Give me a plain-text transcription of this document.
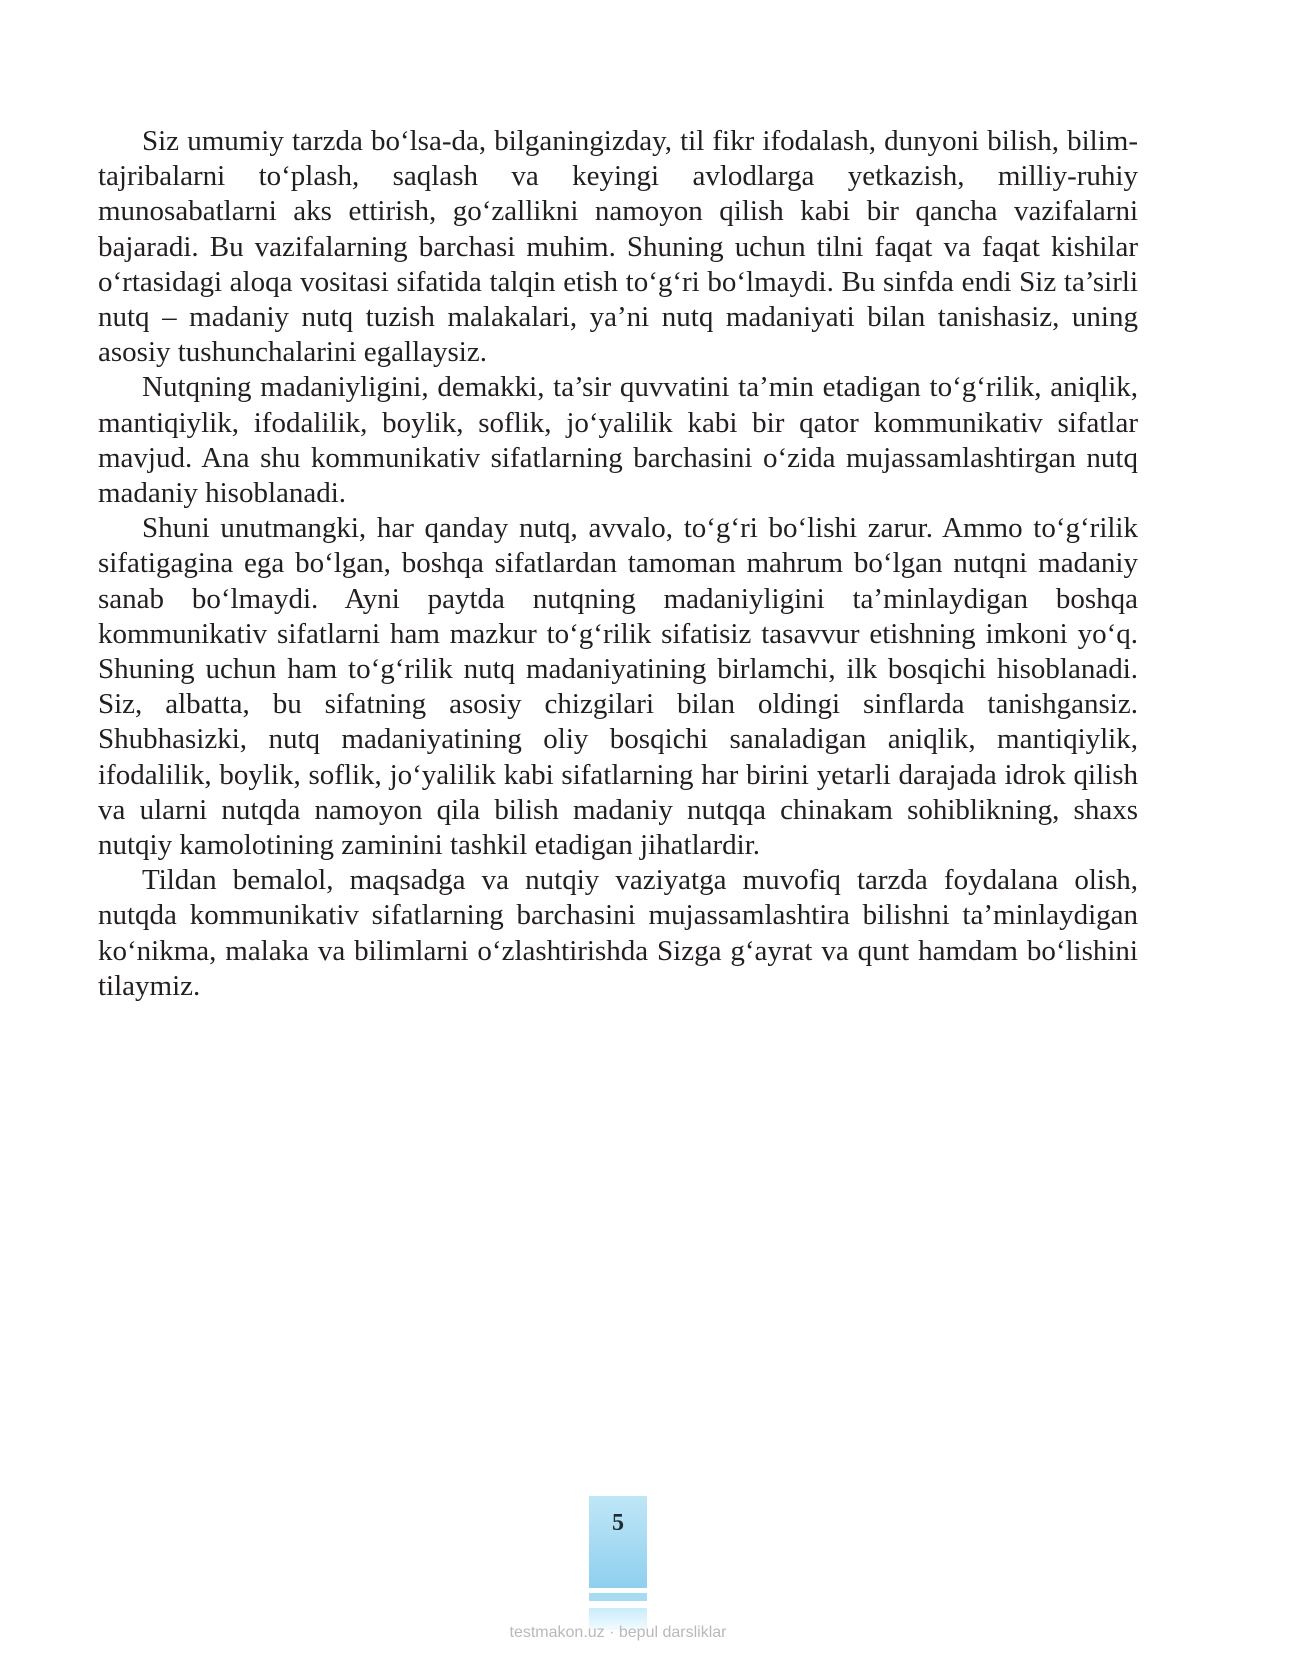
Siz umumiy tarzda bo‘lsa-da, bilganingizday, til fikr ifodalash, dunyoni bilish, bilim-tajribalarni to‘plash, saqlash va keyingi avlodlarga yetkazish, milliy-ruhiy munosabatlarni aks ettirish, go‘zallikni namoyon qilish kabi bir qancha vazifalarni bajaradi. Bu vazifalarning barchasi muhim. Shuning uchun tilni faqat va faqat kishilar o‘rtasidagi aloqa vositasi sifatida talqin etish to‘g‘ri bo‘lmaydi. Bu sinfda endi Siz ta’sirli nutq – madaniy nutq tuzish malakalari, ya’ni nutq madaniyati bilan tanishasiz, uning asosiy tushunchalarini egallaysiz.

Nutqning madaniyligini, demakki, ta’sir quvvatini ta’min etadigan to‘g‘rilik, aniqlik, mantiqiylik, ifodalilik, boylik, soflik, jo‘yalilik kabi bir qator kommunikativ sifatlar mavjud. Ana shu kommunikativ sifatlarning barchasini o‘zida mujassamlashtirgan nutq madaniy hisoblanadi.

Shuni unutmangki, har qanday nutq, avvalo, to‘g‘ri bo‘lishi zarur. Ammo to‘g‘rilik sifatigagina ega bo‘lgan, boshqa sifatlardan tamoman mahrum bo‘lgan nutqni madaniy sanab bo‘lmaydi. Ayni paytda nutqning madaniyligini ta’minlaydigan boshqa kommunikativ sifatlarni ham mazkur to‘g‘rilik sifatisiz tasavvur etishning imkoni yo‘q. Shuning uchun ham to‘g‘rilik nutq madaniyatining birlamchi, ilk bosqichi hisoblanadi. Siz, albatta, bu sifatning asosiy chizgilari bilan oldingi sinflarda tanishgansiz. Shubhasizki, nutq madaniyatining oliy bosqichi sanaladigan aniqlik, mantiqiylik, ifodalilik, boylik, soflik, jo‘yalilik kabi sifatlarning har birini yetarli darajada idrok qilish va ularni nutqda namoyon qila bilish madaniy nutqqa chinakam sohiblikning, shaxs nutqiy kamolotining zaminini tashkil etadigan jihatlardir.

Tildan bemalol, maqsadga va nutqiy vaziyatga muvofiq tarzda foydalana olish, nutqda kommunikativ sifatlarning barchasini mujassamlashtira bilishni ta’minlaydigan ko‘nikma, malaka va bilimlarni o‘zlashtirishda Sizga g‘ayrat va qunt hamdam bo‘lishini tilaymiz.

5
testmakon.uz · bepul darsliklar
